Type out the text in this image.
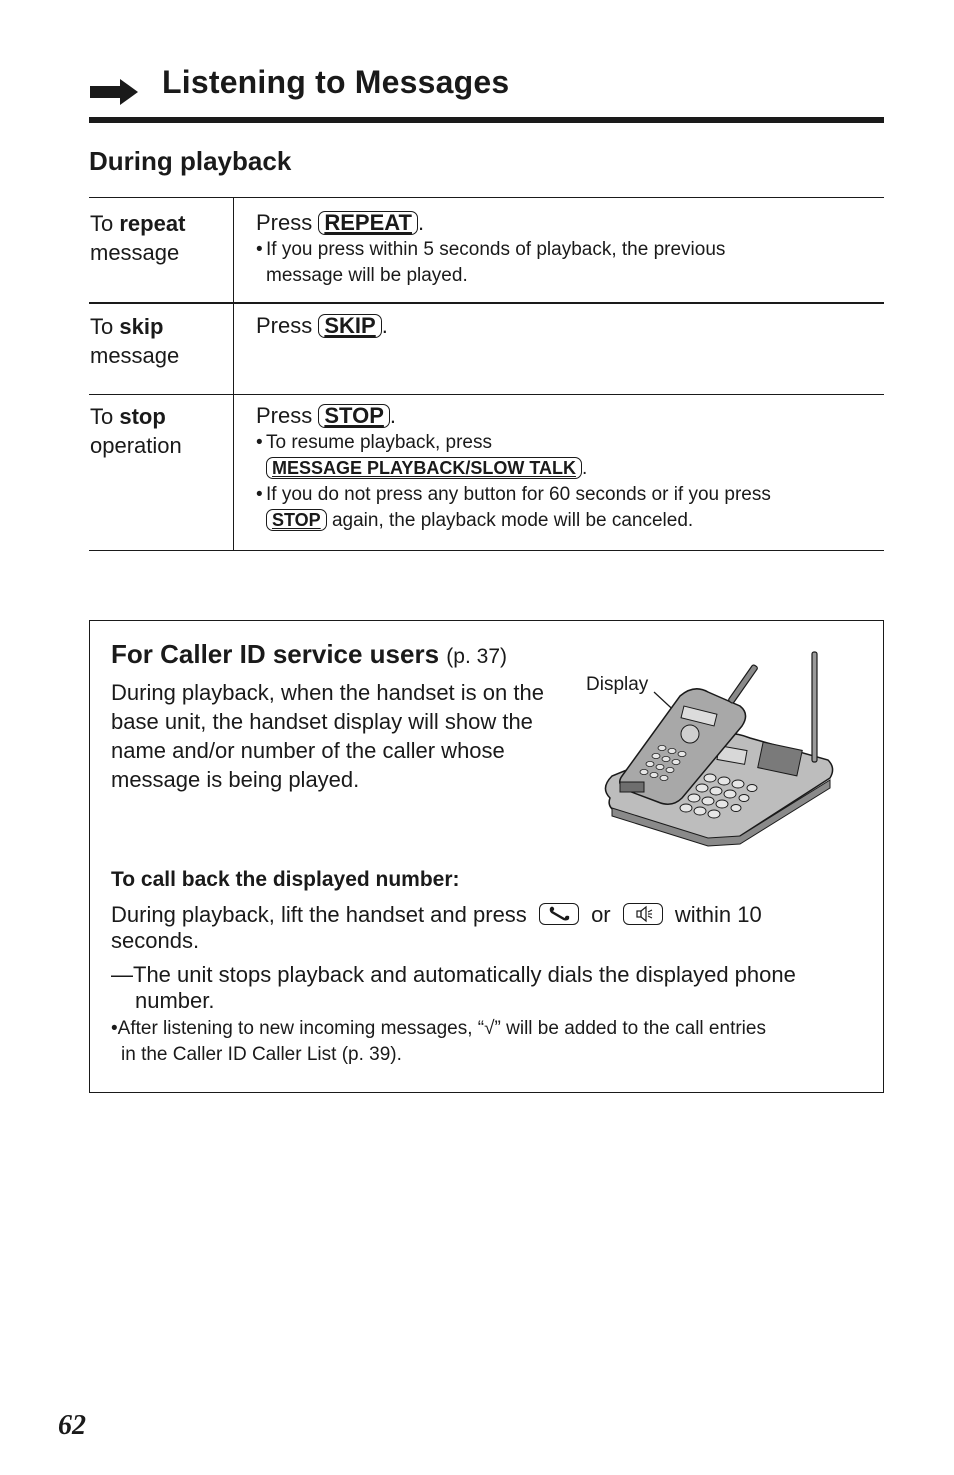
Listening to Messages
During playback
To repeat
message
Press REPEAT .
• If you press within 5 seconds of playback, the previous
message will be played.
To skip
message
Press SKIP .
To stop
operation
Press STOP .
• To resume playback, press
MESSAGE PLAYBACK/SLOW TALK .
• If you do not press any button for 60 seconds or if you press
STOP again, the playback mode will be canceled.
For Caller ID service users (p. 37)
During playback, when the handset is on the base unit, the handset display will show the name and/or number of the caller whose message is being played.
Display
To call back the displayed number:
During playback, lift the handset and press	or	within 10
seconds.
—The unit stops playback and automatically dials the displayed phone
number.
•After listening to new incoming messages, “√” will be added to the call entries
in the Caller ID Caller List (p. 39).
62
